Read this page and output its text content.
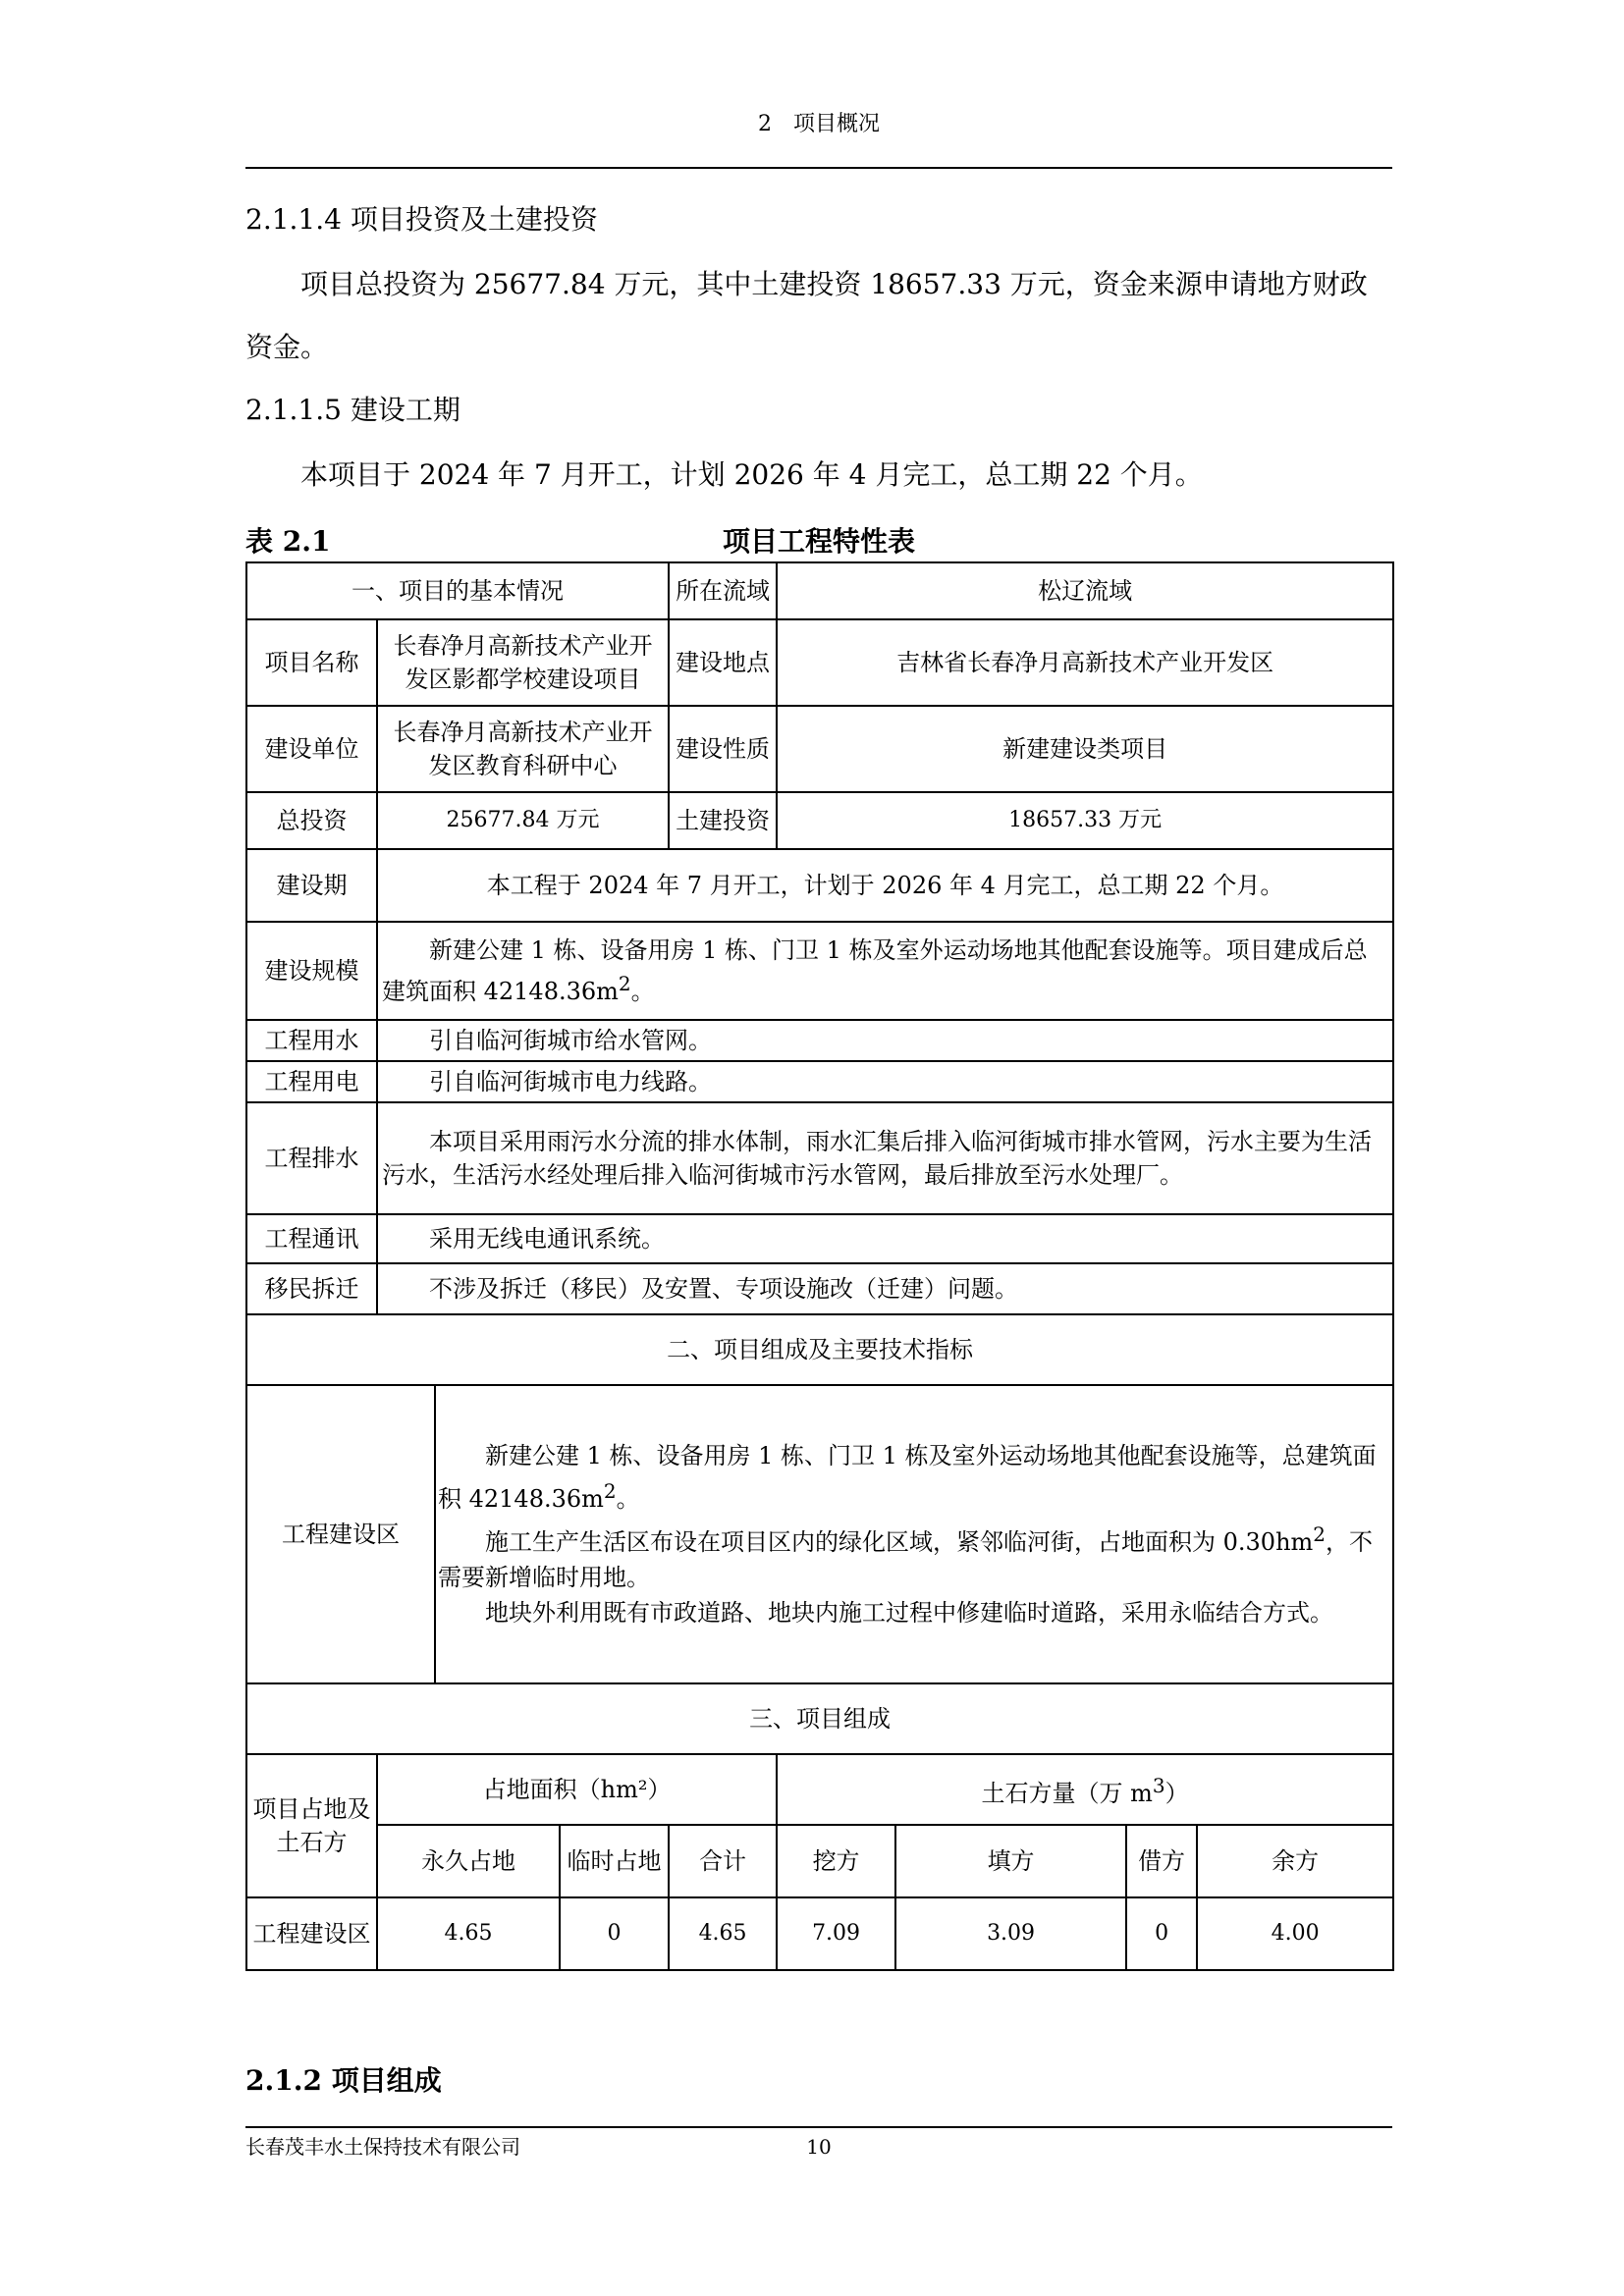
2　项目概况
2.1.1.4 项目投资及土建投资
项目总投资为 25677.84 万元，其中土建投资 18657.33 万元，资金来源申请地方财政资金。
2.1.1.5 建设工期
本项目于 2024 年 7 月开工，计划 2026 年 4 月完工，总工期 22 个月。
项目工程特性表
表 2.1
一、项目的基本情况				所在流域	松辽流域			
项目名称	长春净月高新技术产业开发区影都学校建设项目			建设地点	吉林省长春净月高新技术产业开发区			
建设单位	长春净月高新技术产业开发区教育科研中心			建设性质	新建建设类项目			
总投资	25677.84 万元			土建投资	18657.33 万元			
建设期	本工程于 2024 年 7 月开工，计划于 2026 年 4 月完工，总工期 22 个月。							
建设规模	新建公建 1 栋、设备用房 1 栋、门卫 1 栋及室外运动场地其他配套设施等。项目建成后总建筑面积 $42148.36m^2$。							
工程用水	引自临河街城市给水管网。							
工程用电	引自临河街城市电力线路。							
工程排水	本项目采用雨污水分流的排水体制，雨水汇集后排入临河街城市排水管网，污水主要为生活污水，生活污水经处理后排入临河街城市污水管网，最后排放至污水处理厂。							
工程通讯	采用无线电通讯系统。							
移民拆迁	不涉及拆迁（移民）及安置、专项设施改（迁建）问题。							
二、项目组成及主要技术指标								
工程建设区		新建公建 1 栋、设备用房 1 栋、门卫 1 栋及室外运动场地其他配套设施等，总建筑面积 $42148.36m^2$。

施工生产生活区布设在项目区内的绿化区域，紧邻临河街，占地面积为 $0.30hm^2$，不需要新增临时用地。

地块外利用既有市政道路、地块内施工过程中修建临时道路，采用永临结合方式。						

三、项目组成								
项目占地及土石方	占地面积（hm²）				土石方量（万 $m^3$）			
	永久占地		临时占地	合计	挖方	填方	借方	余方
工程建设区	4.65		0	4.65	7.09	3.09	0	4.00
2.1.2 项目组成
长春茂丰水土保持技术有限公司	10
